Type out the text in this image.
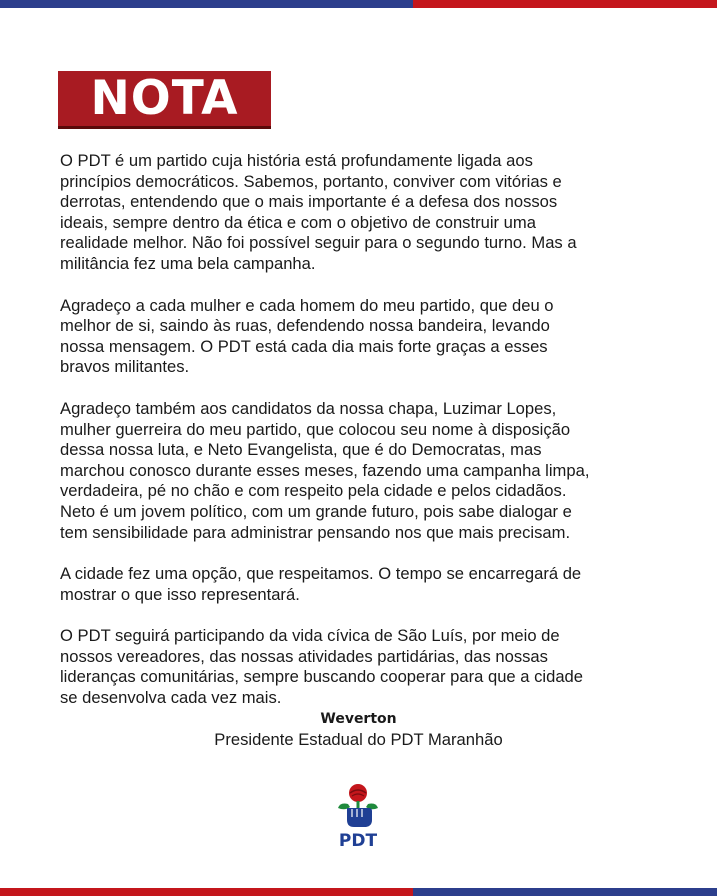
NOTA

O PDT é um partido cuja história está profundamente ligada aos
princípios democráticos. Sabemos, portanto, conviver com vitórias e
derrotas, entendendo que o mais importante é a defesa dos nossos
ideais, sempre dentro da ética e com o objetivo de construir uma
realidade melhor. Não foi possível seguir para o segundo turno. Mas a
militância fez uma bela campanha.

Agradeço a cada mulher e cada homem do meu partido, que deu o
melhor de si, saindo às ruas, defendendo nossa bandeira, levando
nossa mensagem. O PDT está cada dia mais forte graças a esses
bravos militantes.

Agradeço também aos candidatos da nossa chapa, Luzimar Lopes,
mulher guerreira do meu partido, que colocou seu nome à disposição
dessa nossa luta, e Neto Evangelista, que é do Democratas, mas
marchou conosco durante esses meses, fazendo uma campanha limpa,
verdadeira, pé no chão e com respeito pela cidade e pelos cidadãos.
Neto é um jovem político, com um grande futuro, pois sabe dialogar e
tem sensibilidade para administrar pensando nos que mais precisam.

A cidade fez uma opção, que respeitamos. O tempo se encarregará de
mostrar o que isso representará.

O PDT seguirá participando da vida cívica de São Luís, por meio de
nossos vereadores, das nossas atividades partidárias, das nossas
lideranças comunitárias, sempre buscando cooperar para que a cidade
se desenvolva cada vez mais.

Weverton
Presidente Estadual do PDT Maranhão
PDT
